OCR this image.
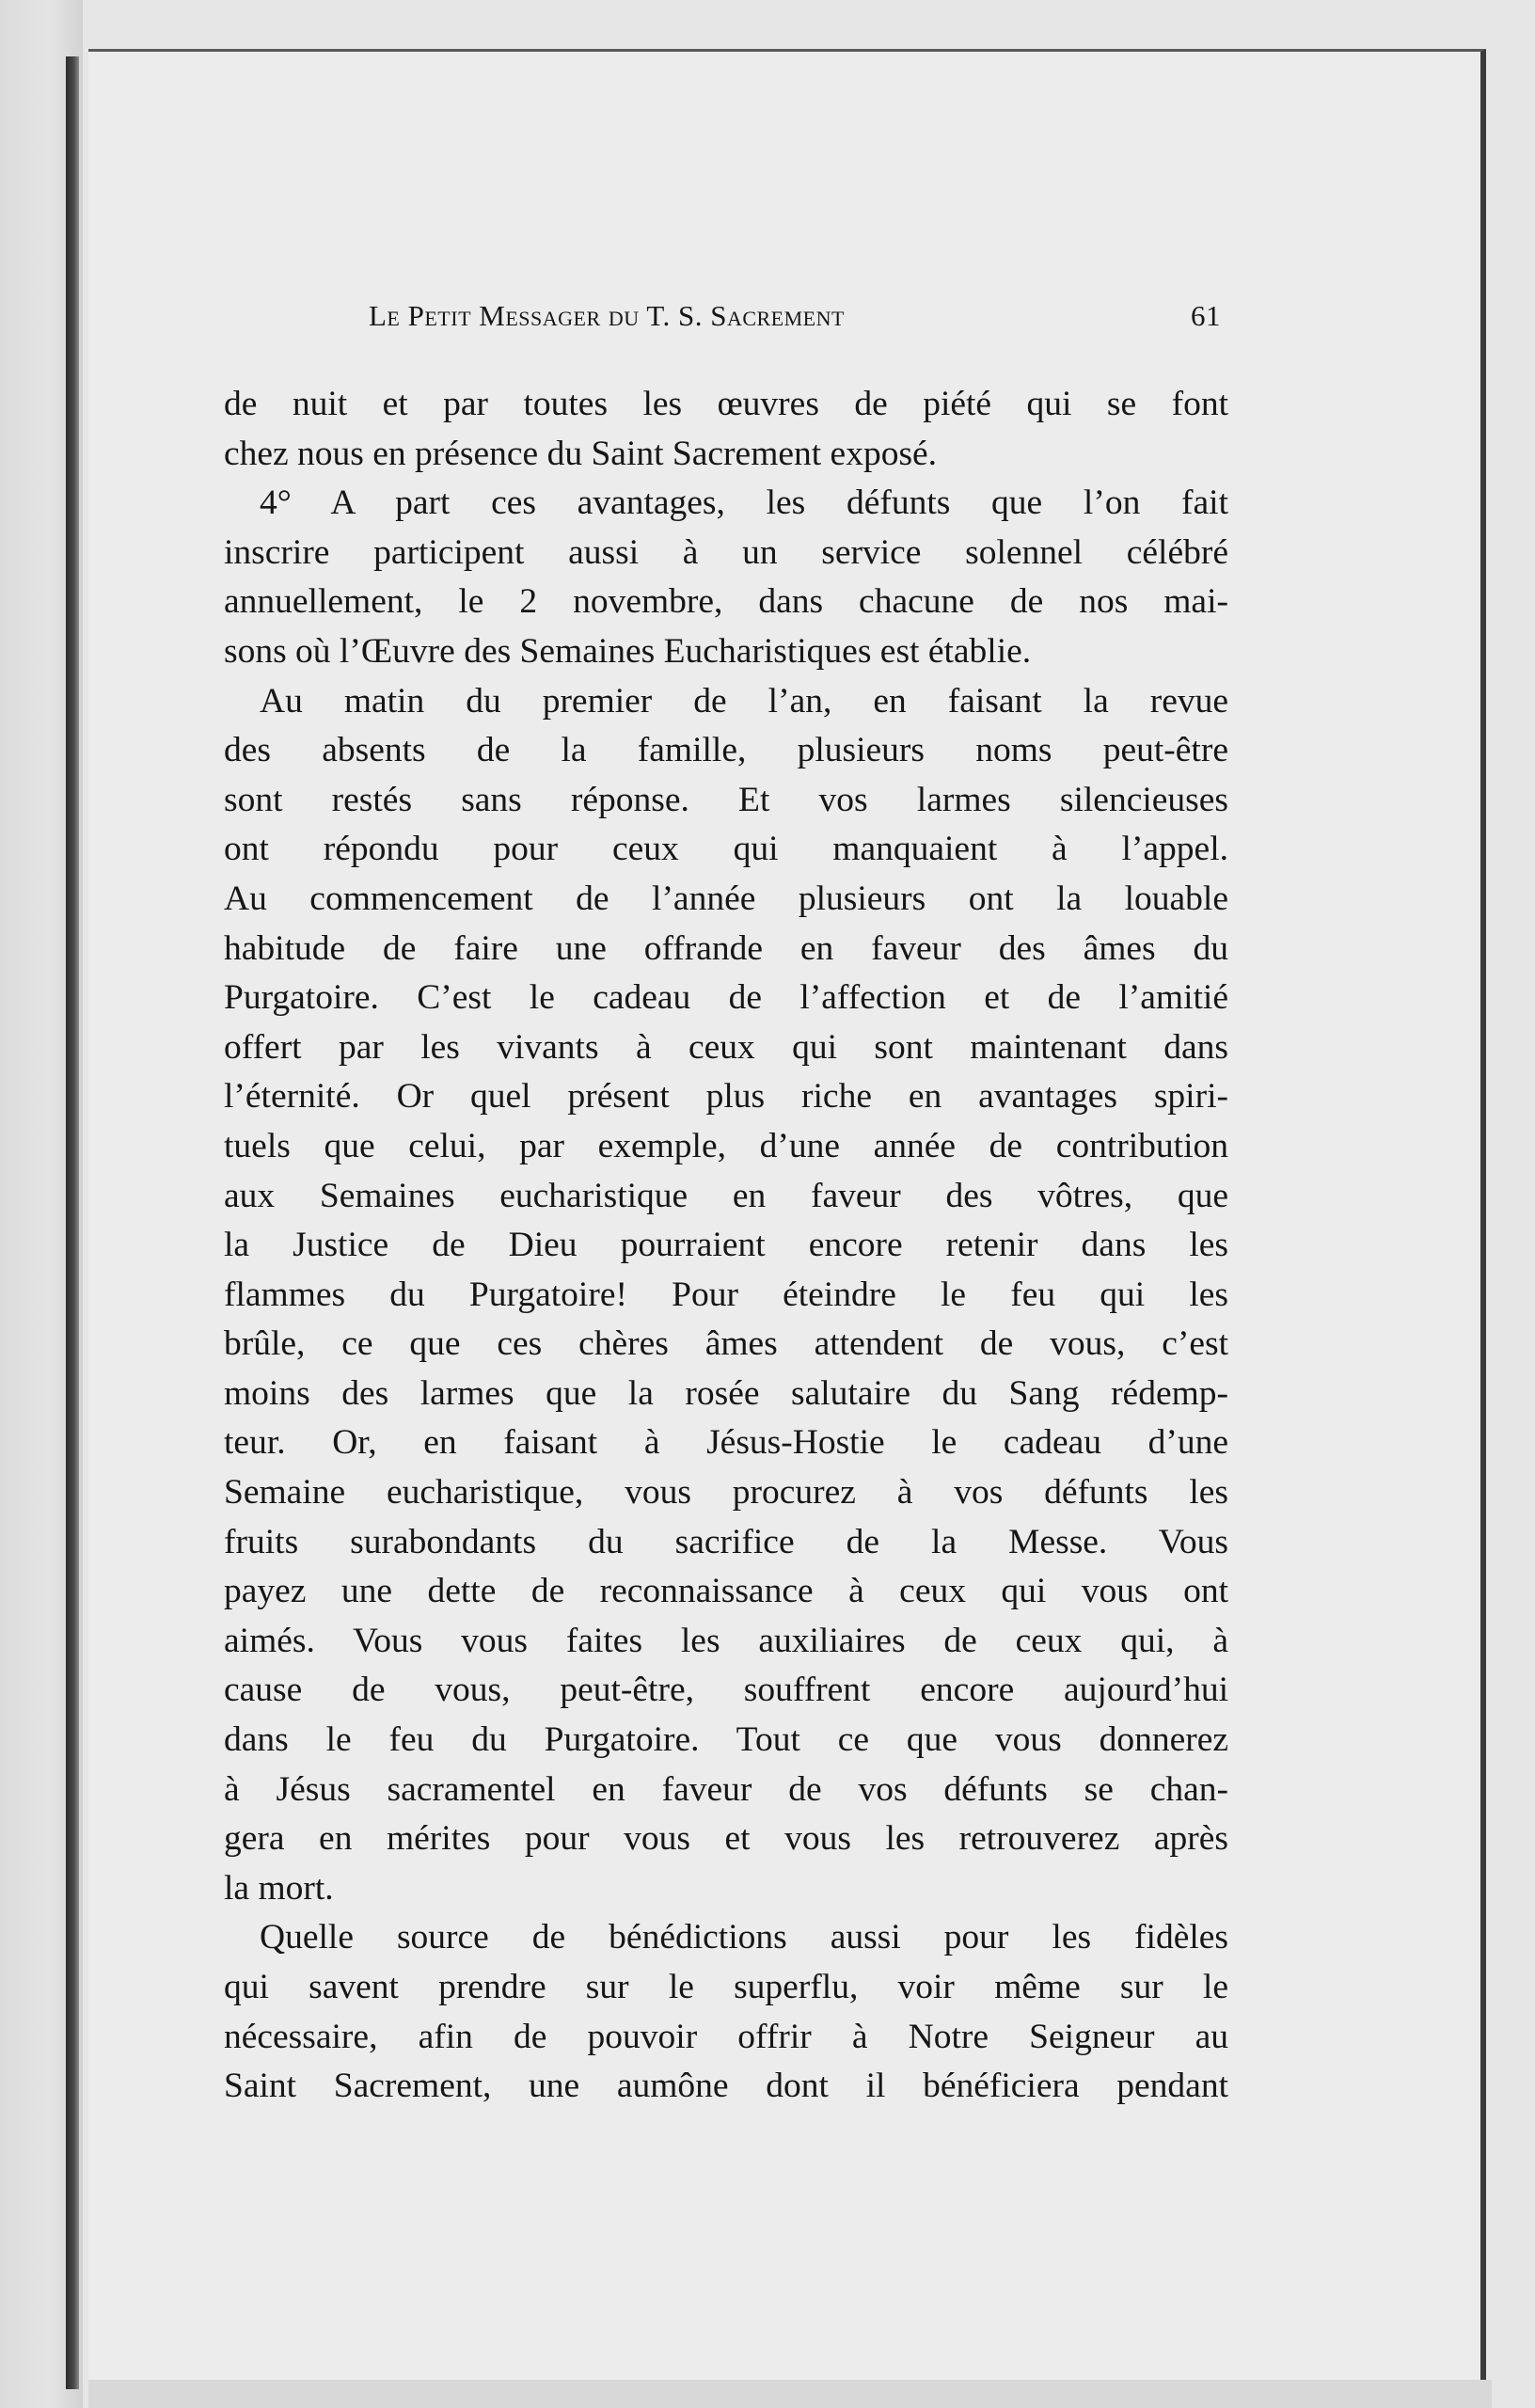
Le Petit Messager du T. S. Sacrement	61

de nuit et par toutes les œuvres de piété qui se font

chez nous en présence du Saint Sacrement exposé.

4° A part ces avantages, les défunts que l’on fait

inscrire participent aussi à un service solennel célébré

annuellement, le 2 novembre, dans chacune de nos mai-

sons où l’Œuvre des Semaines Eucharistiques est établie.

Au matin du premier de l’an, en faisant la revue

des absents de la famille, plusieurs noms peut-être

sont restés sans réponse. Et vos larmes silencieuses

ont répondu pour ceux qui manquaient à l’appel.

Au commencement de l’année plusieurs ont la louable

habitude de faire une offrande en faveur des âmes du

Purgatoire. C’est le cadeau de l’affection et de l’amitié

offert par les vivants à ceux qui sont maintenant dans

l’éternité. Or quel présent plus riche en avantages spiri-

tuels que celui, par exemple, d’une année de contribution

aux Semaines eucharistique en faveur des vôtres, que

la Justice de Dieu pourraient encore retenir dans les

flammes du Purgatoire! Pour éteindre le feu qui les

brûle, ce que ces chères âmes attendent de vous, c’est

moins des larmes que la rosée salutaire du Sang rédemp-

teur. Or, en faisant à Jésus-Hostie le cadeau d’une

Semaine eucharistique, vous procurez à vos défunts les

fruits surabondants du sacrifice de la Messe. Vous

payez une dette de reconnaissance à ceux qui vous ont

aimés. Vous vous faites les auxiliaires de ceux qui, à

cause de vous, peut-être, souffrent encore aujourd’hui

dans le feu du Purgatoire. Tout ce que vous donnerez

à Jésus sacramentel en faveur de vos défunts se chan-

gera en mérites pour vous et vous les retrouverez après

la mort.

Quelle source de bénédictions aussi pour les fidèles

qui savent prendre sur le superflu, voir même sur le

nécessaire, afin de pouvoir offrir à Notre Seigneur au

Saint Sacrement, une aumône dont il bénéficiera pendant
